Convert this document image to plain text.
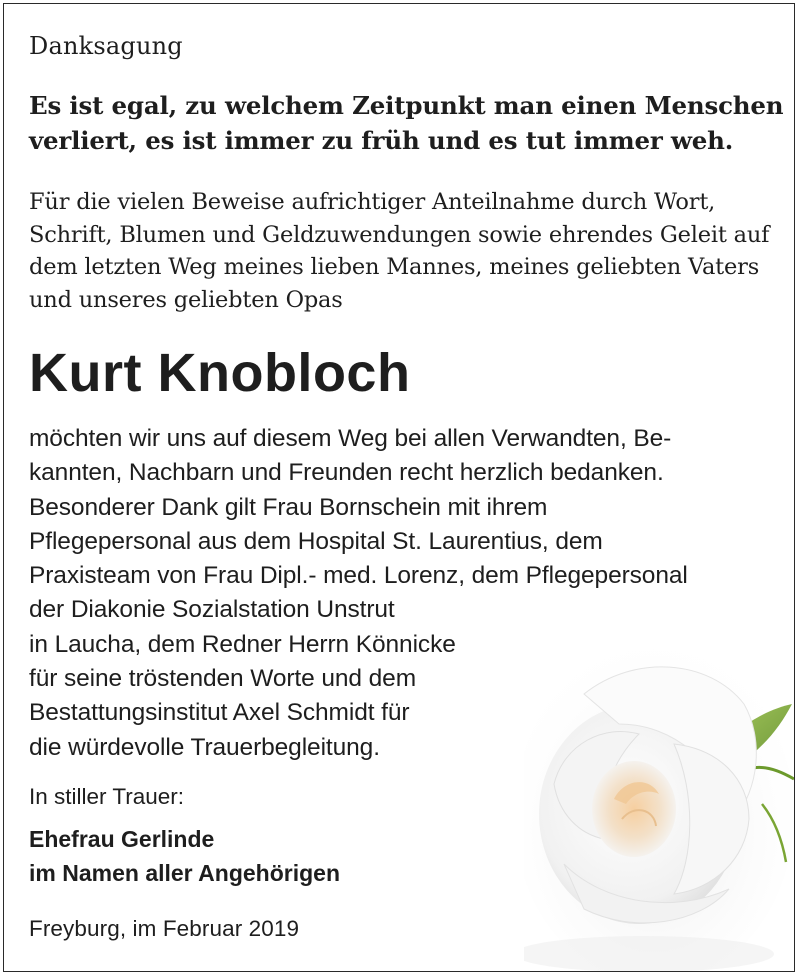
Danksagung
Es ist egal, zu welchem Zeitpunkt man einen Menschen
verliert, es ist immer zu früh und es tut immer weh.
Für die vielen Beweise aufrichtiger Anteilnahme durch Wort,
Schrift, Blumen und Geldzuwendungen sowie ehrendes Geleit auf
dem letzten Weg meines lieben Mannes, meines geliebten Vaters
und unseres geliebten Opas
Kurt Knobloch
möchten wir uns auf diesem Weg bei allen Verwandten, Be-
kannten, Nachbarn und Freunden recht herzlich bedanken.
Besonderer Dank gilt Frau Bornschein mit ihrem
Pflegepersonal aus dem Hospital St. Laurentius, dem
Praxisteam von Frau Dipl.- med. Lorenz, dem Pflegepersonal
der Diakonie Sozialstation Unstrut
in Laucha, dem Redner Herrn Könnicke
für seine tröstenden Worte und dem
Bestattungsinstitut Axel Schmidt für
die würdevolle Trauerbegleitung.
In stiller Trauer:
Ehefrau Gerlinde
im Namen aller Angehörigen
Freyburg, im Februar 2019
